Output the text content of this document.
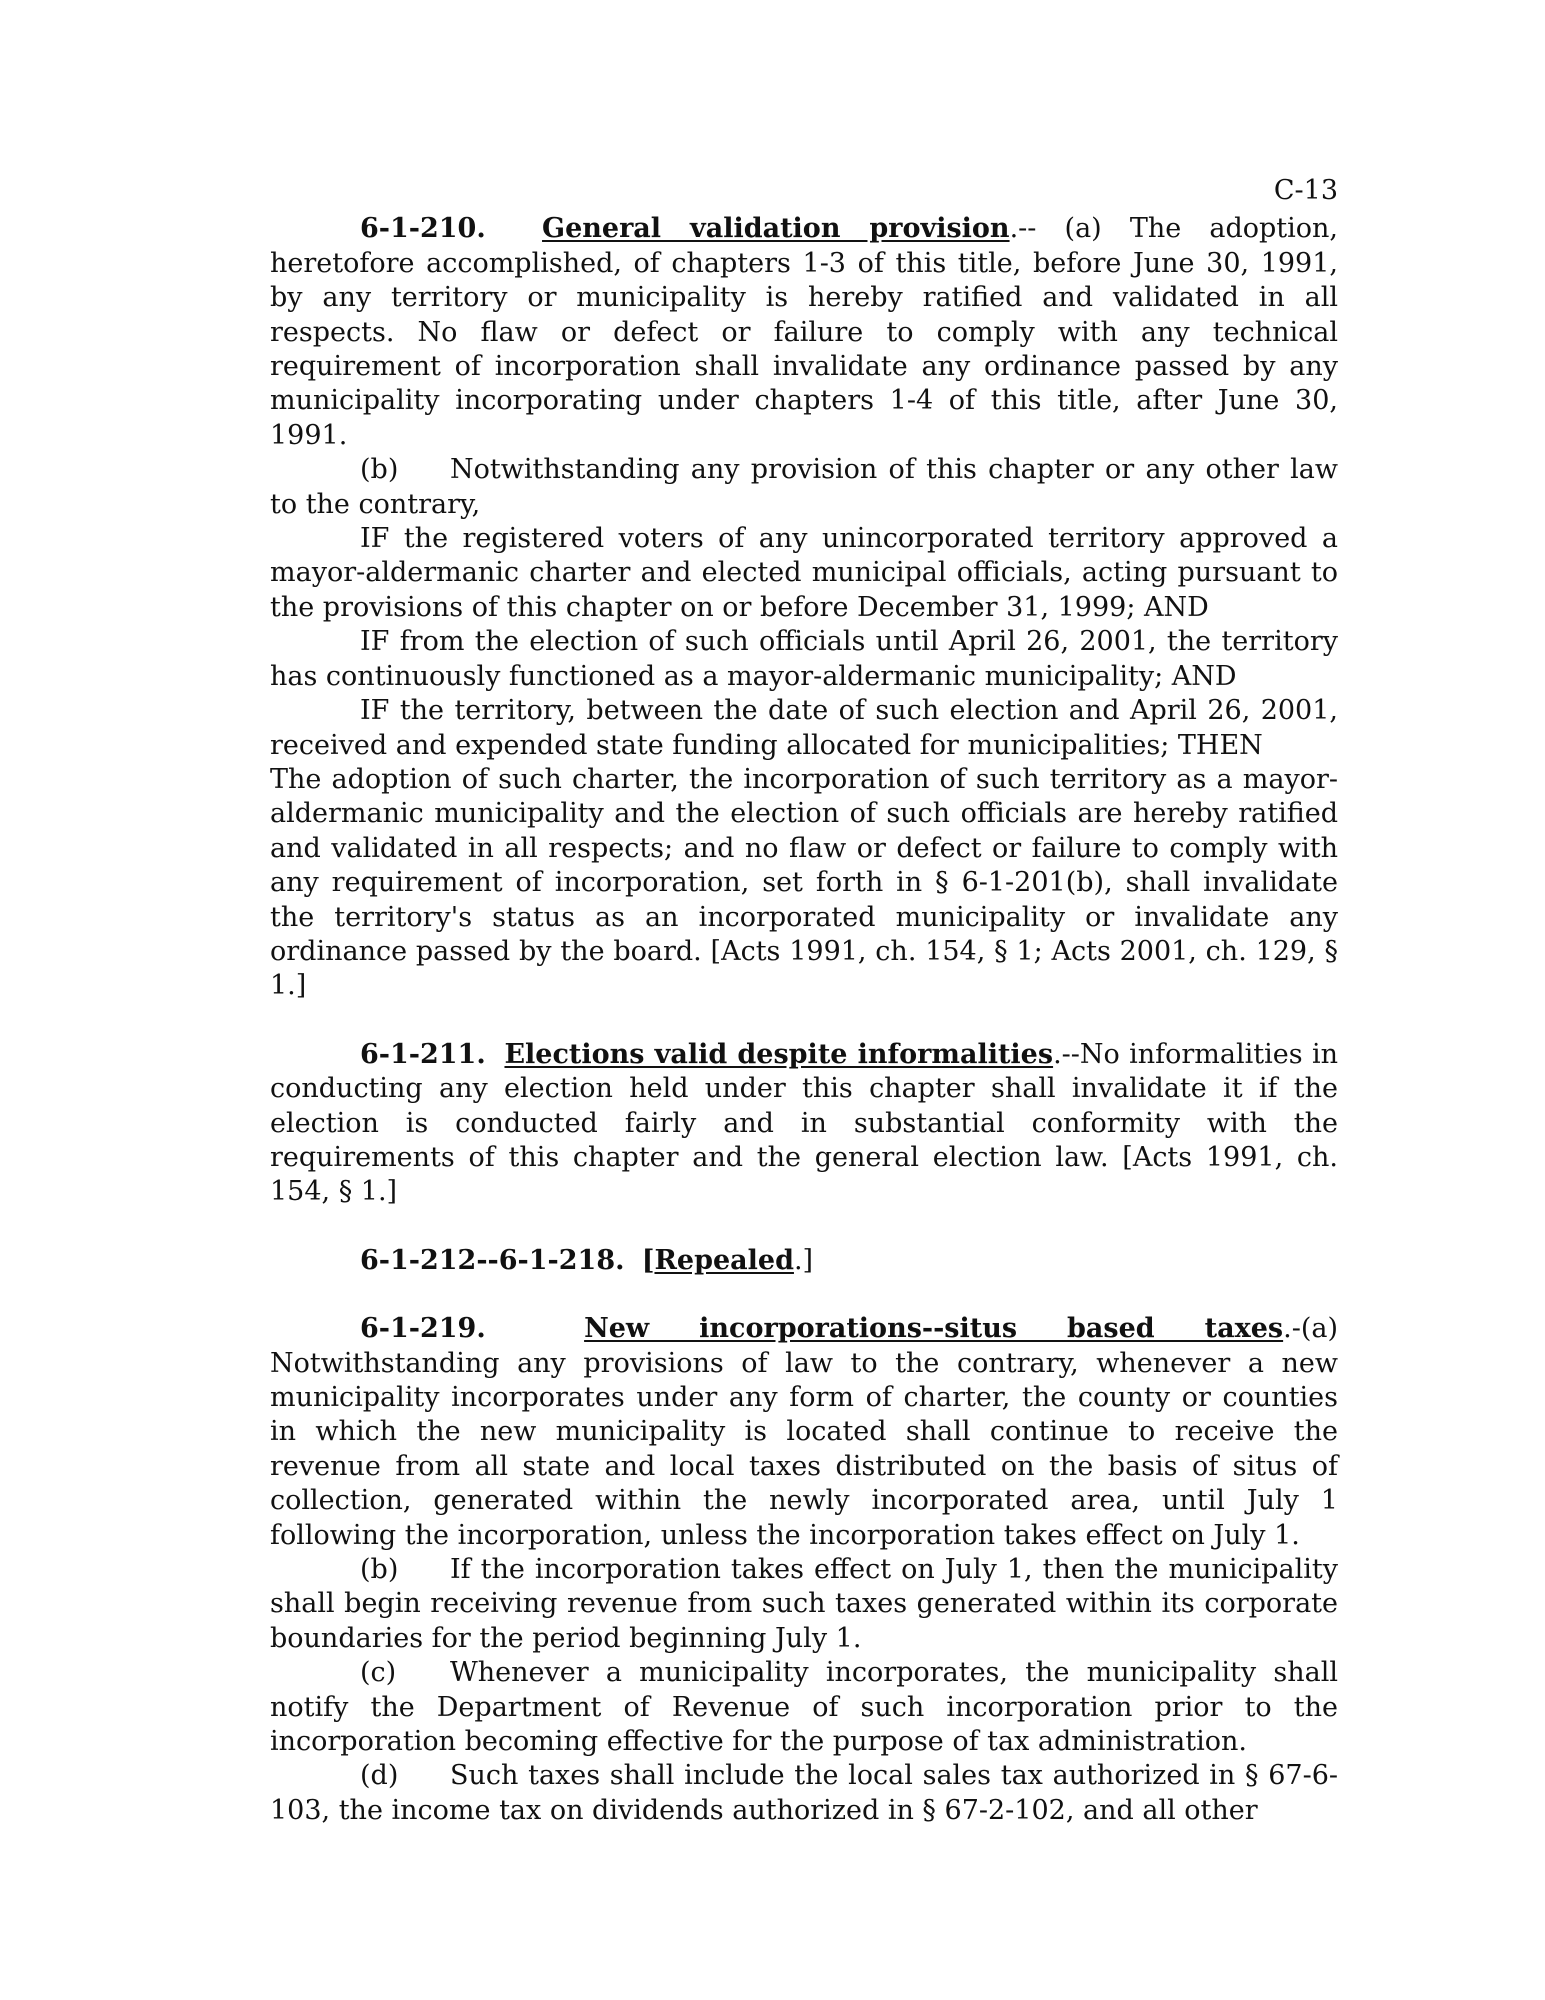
C-13

6-1-210. General validation provision.-- (a) The adoption, heretofore accomplished, of chapters 1-3 of this title, before June 30, 1991, by any territory or municipality is hereby ratified and validated in all respects. No flaw or defect or failure to comply with any technical requirement of incorporation shall invalidate any ordinance passed by any municipality incorporating under chapters 1-4 of this title, after June 30, 1991.

(b) Notwithstanding any provision of this chapter or any other law to the contrary,

IF the registered voters of any unincorporated territory approved a mayor-aldermanic charter and elected municipal officials, acting pursuant to the provisions of this chapter on or before December 31, 1999; AND

IF from the election of such officials until April 26, 2001, the territory has continuously functioned as a mayor-aldermanic municipality; AND

IF the territory, between the date of such election and April 26, 2001, received and expended state funding allocated for municipalities; THEN

The adoption of such charter, the incorporation of such territory as a mayor-aldermanic municipality and the election of such officials are hereby ratified and validated in all respects; and no flaw or defect or failure to comply with any requirement of incorporation, set forth in § 6-1-201(b), shall invalidate the territory's status as an incorporated municipality or invalidate any ordinance passed by the board. [Acts 1991, ch. 154, § 1; Acts 2001, ch. 129, § 1.]

6-1-211. Elections valid despite informalities.--No informalities in conducting any election held under this chapter shall invalidate it if the election is conducted fairly and in substantial conformity with the requirements of this chapter and the general election law. [Acts 1991, ch. 154, § 1.]

6-1-212--6-1-218. [Repealed.]

6-1-219.	New incorporations--situs based taxes.-(a) Notwithstanding any provisions of law to the contrary, whenever a new municipality incorporates under any form of charter, the county or counties in which the new municipality is located shall continue to receive the revenue from all state and local taxes distributed on the basis of situs of collection, generated within the newly incorporated area, until July 1 following the incorporation, unless the incorporation takes effect on July 1.

(b) If the incorporation takes effect on July 1, then the municipality shall begin receiving revenue from such taxes generated within its corporate boundaries for the period beginning July 1.

(c) Whenever a municipality incorporates, the municipality shall notify the Department of Revenue of such incorporation prior to the incorporation becoming effective for the purpose of tax administration.

(d) Such taxes shall include the local sales tax authorized in § 67-6-103, the income tax on dividends authorized in § 67-2-102, and all other
